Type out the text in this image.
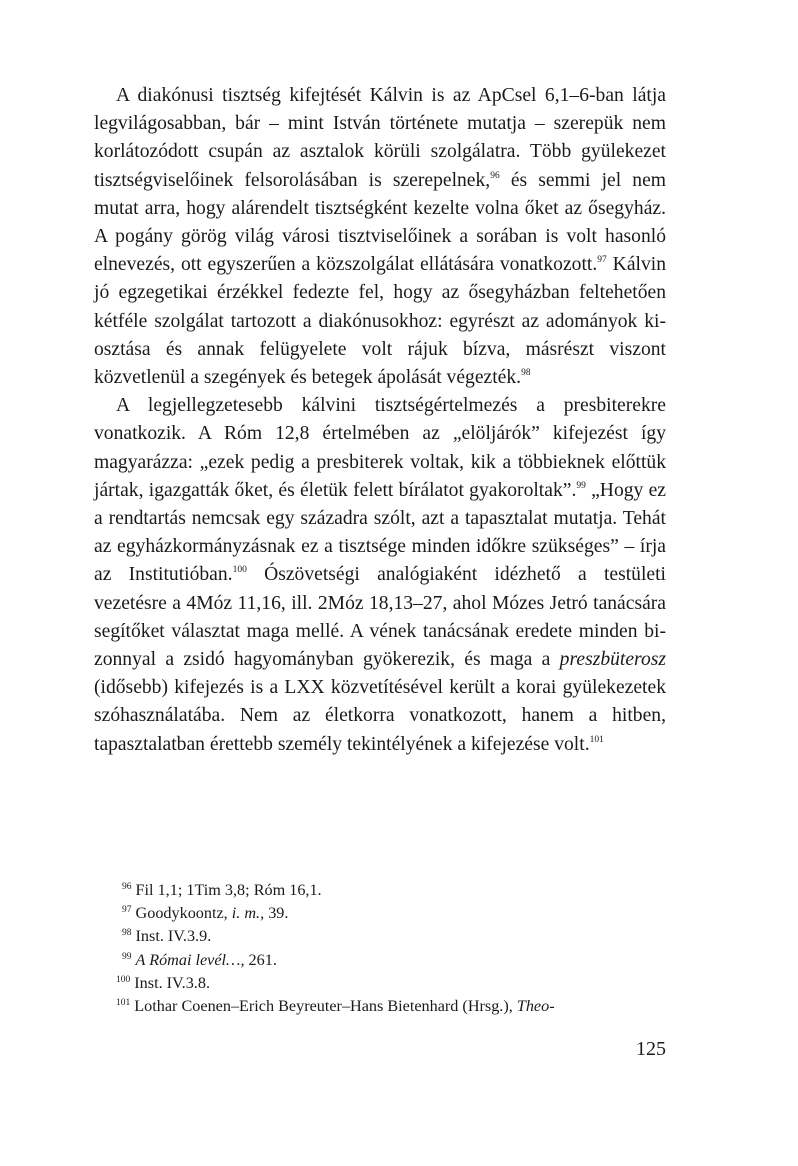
A diakónusi tisztség kifejtését Kálvin is az ApCsel 6,1–6-ban látja legvilágosabban, bár – mint István története mutatja – szerepük nem korlátozódott csupán az asztalok körüli szolgálatra. Több gyülekezet tisztségviselőinek felsorolásában is szerepelnek,$^{96}$ és semmi jel nem mutat arra, hogy alárendelt tisztségként kezelte volna őket az ősegyház. A pogány görög világ városi tisztviselőinek a sorában is volt hasonló elnevezés, ott egyszerűen a közszolgálat ellátására vonatkozott.$^{97}$ Kálvin jó egzegetikai érzékkel fedezte fel, hogy az ősegyházban feltehetően kétféle szolgálat tartozott a diakónusokhoz: egyrészt az adományok kiosztása és annak felügyelete volt rájuk bízva, másrészt viszont közvetlenül a szegények és betegek ápolását végezték.$^{98}$

A legjellegzetesebb kálvini tisztségértelmezés a presbiterekre vonatkozik. A Róm 12,8 értelmében az „elöljárók” kifejezést így magyarázza: „ezek pedig a presbiterek voltak, kik a többieknek előttük jártak, igazgatták őket, és életük felett bírálatot gyakoroltak”.$^{99}$ „Hogy ez a rendtartás nemcsak egy századra szólt, azt a tapasztalat mutatja. Tehát az egyházkormányzásnak ez a tisztsége minden időkre szükséges” – írja az Institutióban.$^{100}$ Ószövetségi analógiaként idézhető a testületi vezetésre a 4Móz 11,16, ill. 2Móz 18,13–27, ahol Mózes Jetró tanácsára segítőket választat maga mellé. A vének tanácsának eredete minden bizonnyal a zsidó hagyományban gyökerezik, és maga a preszbüterosz (idősebb) kifejezés is a LXX közvetítésével került a korai gyülekezetek szóhasználatába. Nem az életkorra vonatkozott, hanem a hitben, tapasztalatban érettebb személy tekintélyének a kifejezése volt.$^{101}$

$^{96}$ Fil 1,1; 1Tim 3,8; Róm 16,1.
$^{97}$ Goodykoontz, i. m., 39.
$^{98}$ Inst. IV.3.9.
$^{99}$ A Római levél…, 261.
$^{100}$ Inst. IV.3.8.
$^{101}$ Lothar Coenen–Erich Beyreuter–Hans Bietenhard (Hrsg.), Theo-
125
